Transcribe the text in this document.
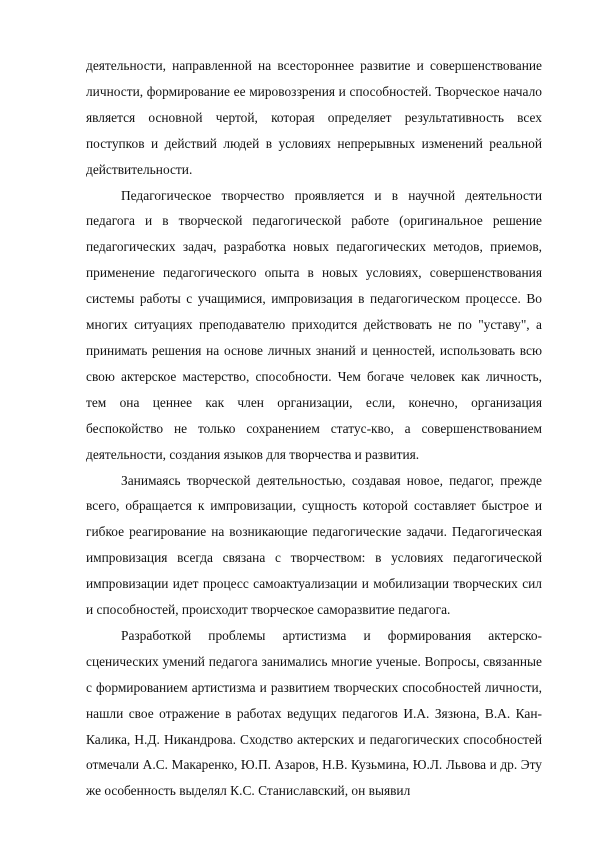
деятельности, направленной на всестороннее развитие и совершенствование личности, формирование ее мировоззрения и способностей. Творческое начало является основной чертой, которая определяет результативность всех поступков и действий людей в условиях непрерывных изменений реальной действительности.

Педагогическое творчество проявляется и в научной деятельности педагога и в творческой педагогической работе (оригинальное решение педагогических задач, разработка новых педагогических методов, приемов, применение педагогического опыта в новых условиях, совершенствования системы работы с учащимися, импровизация в педагогическом процессе. Во многих ситуациях преподавателю приходится действовать не по "уставу", а принимать решения на основе личных знаний и ценностей, использовать всю свою актерское мастерство, способности. Чем богаче человек как личность, тем она ценнее как член организации, если, конечно, организация беспокойство не только сохранением статус-кво, а совершенствованием деятельности, создания языков для творчества и развития.

Занимаясь творческой деятельностью, создавая новое, педагог, прежде всего, обращается к импровизации, сущность которой составляет быстрое и гибкое реагирование на возникающие педагогические задачи. Педагогическая импровизация всегда связана с творчеством: в условиях педагогической импровизации идет процесс самоактуализации и мобилизации творческих сил и способностей, происходит творческое саморазвитие педагога.

Разработкой проблемы артистизма и формирования актерско-сценических умений педагога занимались многие ученые. Вопросы, связанные с формированием артистизма и развитием творческих способностей личности, нашли свое отражение в работах ведущих педагогов И.А. Зязюна, В.А. Кан-Калика, Н.Д. Никандрова. Сходство актерских и педагогических способностей отмечали А.С. Макаренко, Ю.П. Азаров, Н.В. Кузьмина, Ю.Л. Львова и др. Эту же особенность выделял К.С. Станиславский, он выявил
